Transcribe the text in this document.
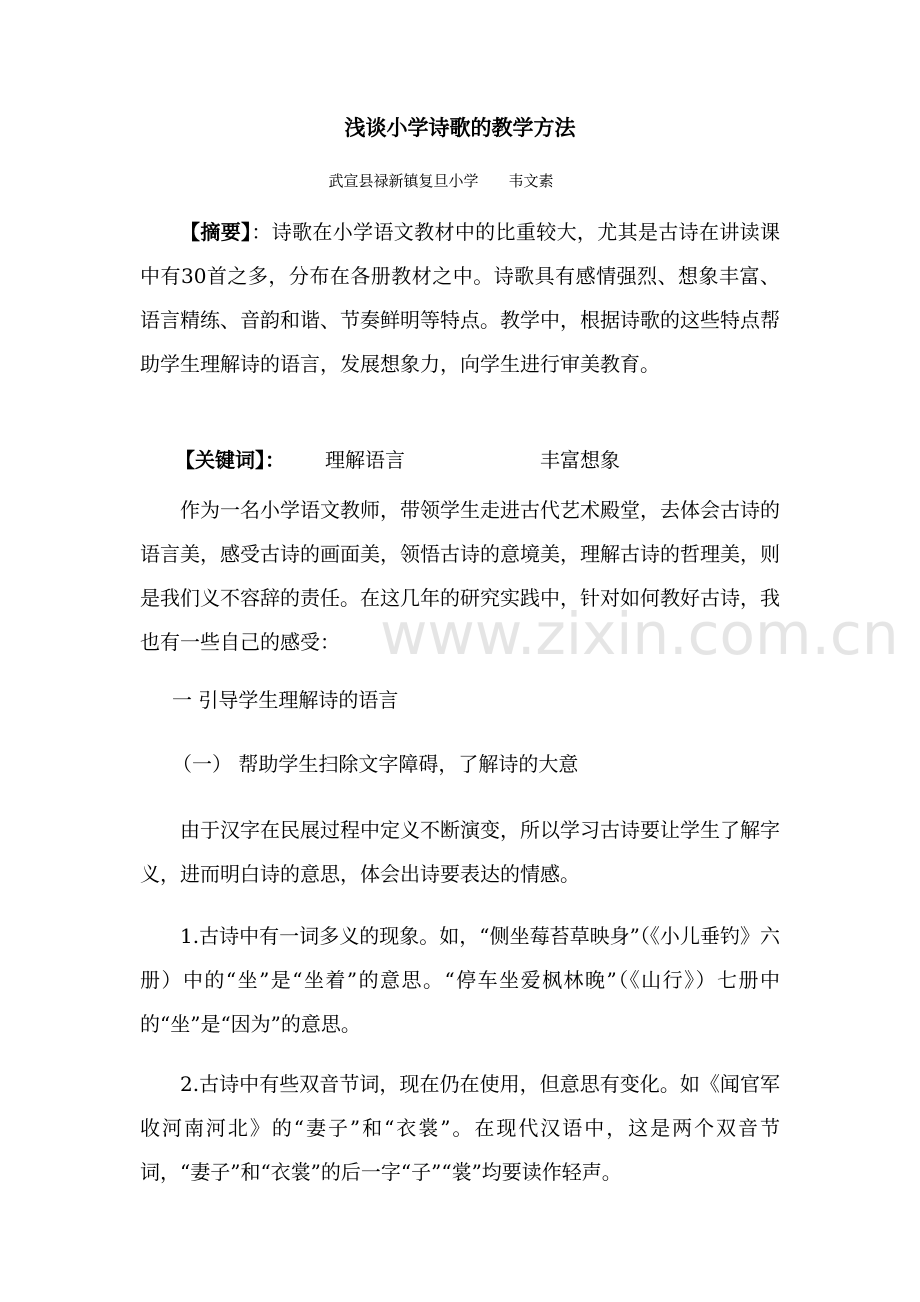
浅谈小学诗歌的教学方法
武宣县禄新镇复旦小学 韦文素

【摘要】：诗歌在小学语文教材中的比重较大，尤其是古诗在讲读课中有30首之多，分布在各册教材之中。诗歌具有感情强烈、想象丰富、语言精练、音韵和谐、节奏鲜明等特点。教学中，根据诗歌的这些特点帮助学生理解诗的语言，发展想象力，向学生进行审美教育。

【关键词】： 理解语言	丰富想象

作为一名小学语文教师，带领学生走进古代艺术殿堂，去体会古诗的语言美，感受古诗的画面美，领悟古诗的意境美，理解古诗的哲理美，则是我们义不容辞的责任。在这几年的研究实践中，针对如何教好古诗，我也有一些自己的感受：

一 引导学生理解诗的语言
（一） 帮助学生扫除文字障碍，了解诗的大意

由于汉字在民展过程中定义不断演变，所以学习古诗要让学生了解字义，进而明白诗的意思，体会出诗要表达的情感。

1.古诗中有一词多义的现象。如，“侧坐莓苔草映身”（《小儿垂钓》六册）中的“坐”是“坐着”的意思。“停车坐爱枫林晚”（《山行》）七册中的“坐”是“因为”的意思。

2.古诗中有些双音节词，现在仍在使用，但意思有变化。如《闻官军收河南河北》的“妻子”和“衣裳”。在现代汉语中，这是两个双音节词，“妻子”和“衣裳”的后一字“子”“裳”均要读作轻声。

www.zixin.com.cn
